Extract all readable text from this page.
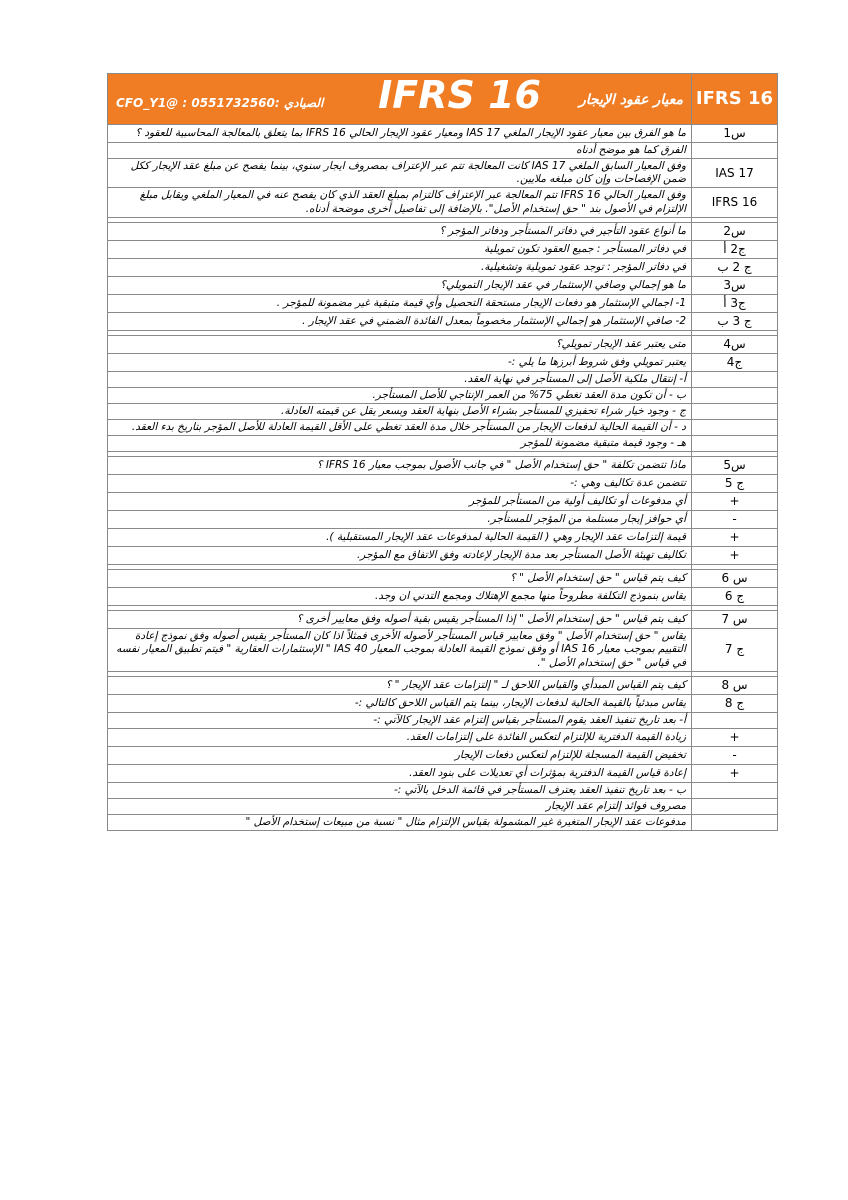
IFRS 16	معيار عقود الإيجار
IFRS 16
الصيادي :0551732560 : @CFO_Y1

س1	ما هو الفرق بين معيار عقود الإيجار الملغي IAS 17 ومعيار عقود الإيجار الحالي IFRS 16 بما يتعلق بالمعالجة المحاسبية للعقود ؟
	الفرق كما هو موضح أدناه
IAS 17	وفق المعيار السابق الملغي IAS 17 كانت المعالجة تتم عبر الإعتراف بمصروف ايجار سنوي، بينما يفصح عن مبلغ عقد الإيجار ككل ضمن الإفصاحات وإن كان مبلغه ملايين.
IFRS 16	وفق المعيار الحالي IFRS 16 تتم المعالجة عبر الإعتراف كالتزام بمبلغ العقد الذي كان يفصح عنه في المعيار الملغي ويقابل مبلغ الإلتزام في الأصول بند " حق إستخدام الأصل". بالإضافة إلى تفاصيل أخرى موضحة أدناه.

س2	ما أنواع عقود التأجير في دفاتر المستأجر ودفاتر المؤجر ؟
ج2 أ	في دفاتر المستأجر : جميع العقود تكون تمويلية
ج 2 ب	في دفاتر المؤجر : توجد عقود تمويلية وتشغيلية.
س3	ما هو إجمالي وصافي الإستثمار في عقد الإيجار التمويلي؟
ج3 أ	1- اجمالي الإستثمار هو دفعات الإيجار مستحقة التحصيل وأي قيمة متبقية غير مضمونة للمؤجر .
ج 3 ب	2- صافي الإستثمار هو إجمالي الإستثمار مخصوماً بمعدل الفائدة الضمني في عقد الإيجار .

س4	متى يعتبر عقد الإيجار تمويلي؟
ج4	يعتبر تمويلي وفق شروط أبرزها ما يلي :-
	أ- إنتقال ملكية الأصل إلى المستأجر في نهاية العقد.
	ب - أن تكون مدة العقد تغطي 75% من العمر الإنتاجي للأصل المستأجر.
	ج - وجود خيار شراء تحفيزي للمستأجر بشراء الأصل بنهاية العقد وبسعر يقل عن قيمته العادلة.
	د - أن القيمة الحالية لدفعات الإيجار من المستأجر خلال مدة العقد تغطي على الأقل القيمة العادلة للأصل المؤجر بتاريخ بدء العقد.
	هـ - وجود قيمة متبقية مضمونة للمؤجر

س5	ماذا تتضمن تكلفة " حق إستخدام الأصل " في جانب الأصول بموجب معيار IFRS 16 ؟
ج 5	تتضمن عدة تكاليف وهي :-
+	أي مدفوعات أو تكاليف أولية من المستأجر للمؤجر
-	أي حوافز إيجار مستلمة من المؤجر للمستأجر.
+	قيمة إلتزامات عقد الإيجار وهي ( القيمة الحالية لمدفوعات عقد الإيجار المستقبلية ).
+	تكاليف تهيئة الأصل المستأجر بعد مدة الإيجار لإعادته وفق الاتفاق مع المؤجر.

س 6	كيف يتم قياس " حق إستخدام الأصل " ؟
ج 6	يقاس بنموذج التكلفة مطروحاً منها مجمع الإهتلاك ومجمع التدني ان وجد.

س 7	كيف يتم قياس " حق إستخدام الأصل " إذا المستأجر يقيس بقية أصوله وفق معايير أخرى ؟
ج 7	يقاس " حق إستخدام الأصل " وفق معايير قياس المستأجر لأصوله الأخرى فمثلاً اذا كان المستأجر يقيس أصوله وفق نموذج إعادة التقييم بموجب معيار IAS 16 أو وفق نموذج القيمة العادلة بموجب المعيار IAS 40 " الإستثمارات العقارية " فيتم تطبيق المعيار نفسه في قياس " حق إستخدام الأصل ".

س 8	كيف يتم القياس المبدأي والقياس اللاحق لـ " إلتزامات عقد الإيجار " ؟
ج 8	يقاس مبدئياً بالقيمة الحالية لدفعات الإيجار، بينما يتم القياس اللاحق كالتالي :-
	أ- بعد تاريخ تنفيذ العقد يقوم المستأجر بقياس إلتزام عقد الإيجار كالآتي :-
+	زيادة القيمة الدفترية للإلتزام لتعكس الفائدة على إلتزامات العقد.
-	تخفيض القيمة المسجلة للإلتزام لتعكس دفعات الإيجار
+	إعادة قياس القيمة الدفترية بمؤثرات أي تعديلات على بنود العقد.
	ب - بعد تاريخ تنفيذ العقد يعترف المستأجر في قائمة الدخل بالآتي :-
	مصروف فوائد إلتزام عقد الإيجار
	مدفوعات عقد الإيجار المتغيرة غير المشمولة بقياس الإلتزام مثال " نسبة من مبيعات إستخدام الأصل "
